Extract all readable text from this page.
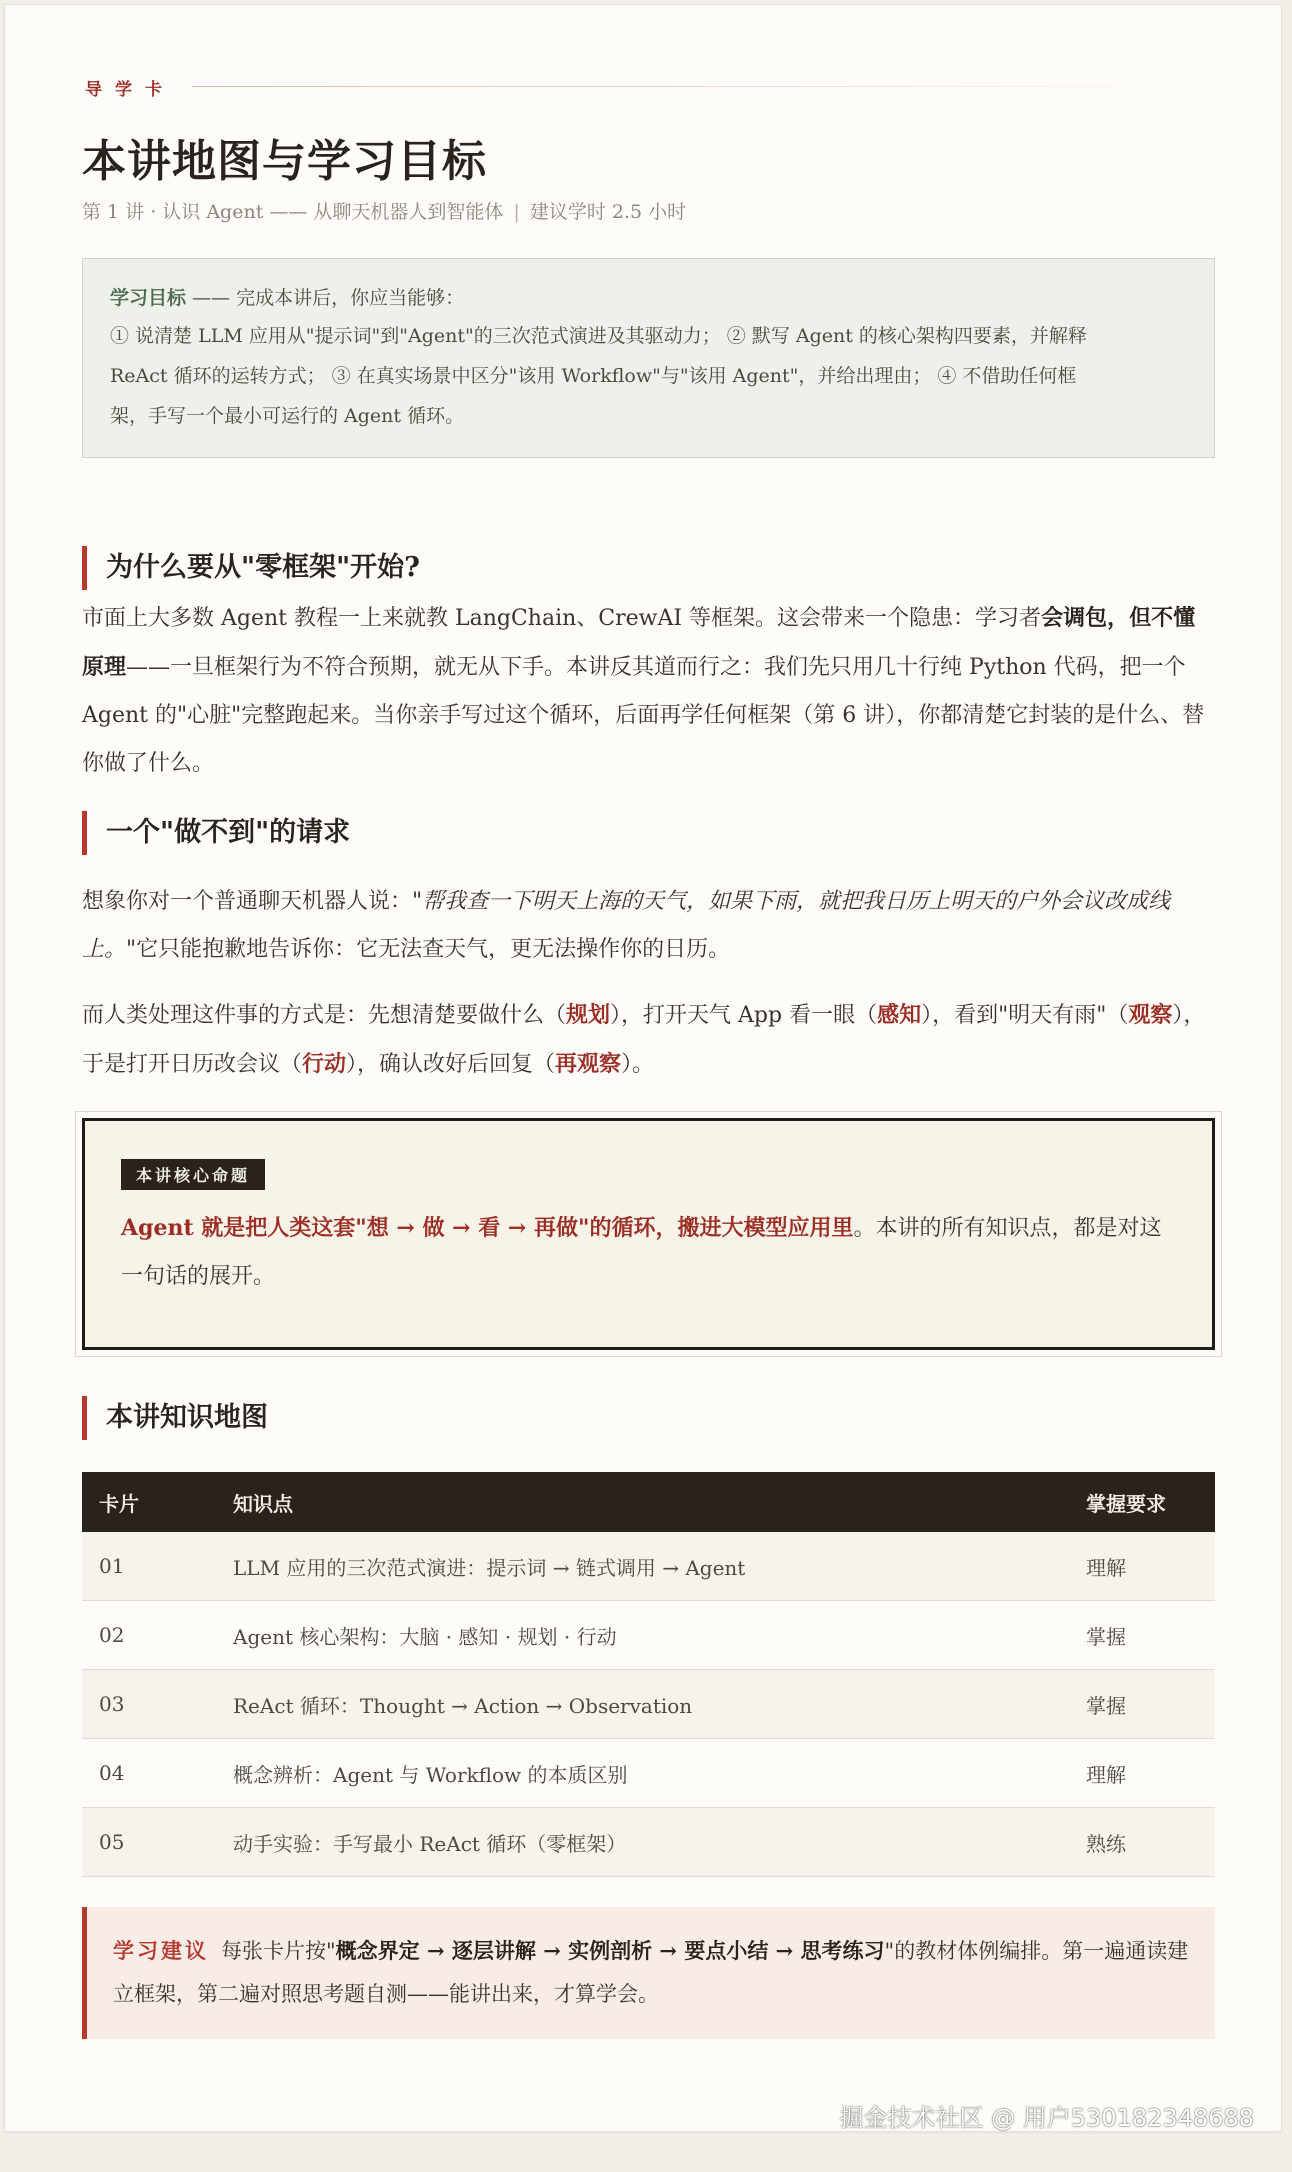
导学卡
本讲地图与学习目标
第 1 讲 · 认识 Agent —— 从聊天机器人到智能体 | 建议学时 2.5 小时
学习目标 —— 完成本讲后，你应当能够：
① 说清楚 LLM 应用从"提示词"到"Agent"的三次范式演进及其驱动力； ② 默写 Agent 的核心架构四要素，并解释
ReAct 循环的运转方式； ③ 在真实场景中区分"该用 Workflow"与"该用 Agent"，并给出理由； ④ 不借助任何框
架，手写一个最小可运行的 Agent 循环。
为什么要从"零框架"开始?

市面上大多数 Agent 教程一上来就教 LangChain、CrewAI 等框架。这会带来一个隐患：学习者会调包，但不懂原理——一旦框架行为不符合预期，就无从下手。本讲反其道而行之：我们先只用几十行纯 Python 代码，把一个 Agent 的"心脏"完整跑起来。当你亲手写过这个循环，后面再学任何框架（第 6 讲），你都清楚它封装的是什么、替你做了什么。

一个"做不到"的请求

想象你对一个普通聊天机器人说："帮我查一下明天上海的天气，如果下雨，就把我日历上明天的户外会议改成线上。"它只能抱歉地告诉你：它无法查天气，更无法操作你的日历。

而人类处理这件事的方式是：先想清楚要做什么（规划），打开天气 App 看一眼（感知），看到"明天有雨"（观察），于是打开日历改会议（行动），确认改好后回复（再观察）。

本讲核心命题
Agent 就是把人类这套"想 → 做 → 看 → 再做"的循环，搬进大模型应用里。本讲的所有知识点，都是对这一句话的展开。
本讲知识地图
卡片	知识点	掌握要求
01	LLM 应用的三次范式演进：提示词 → 链式调用 → Agent	理解
02	Agent 核心架构：大脑 · 感知 · 规划 · 行动	掌握
03	ReAct 循环：Thought → Action → Observation	掌握
04	概念辨析：Agent 与 Workflow 的本质区别	理解
05	动手实验：手写最小 ReAct 循环（零框架）	熟练
学习建议 每张卡片按"概念界定 → 逐层讲解 → 实例剖析 → 要点小结 → 思考练习"的教材体例编排。第一遍通读建立框架，第二遍对照思考题自测——能讲出来，才算学会。
掘金技术社区 @ 用户530182348688
